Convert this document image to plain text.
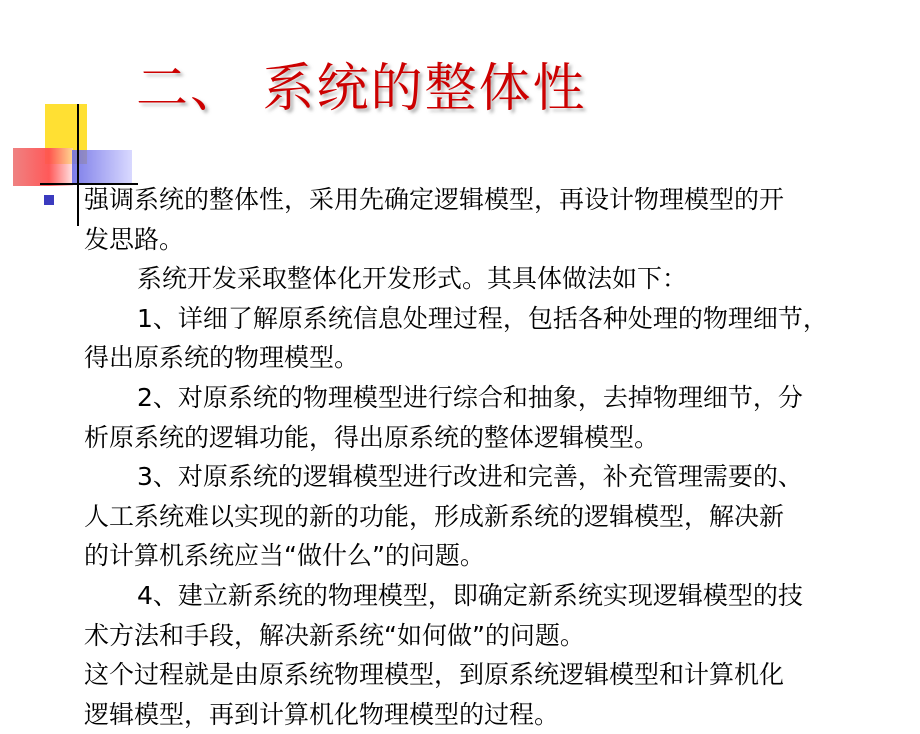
二、 系统的整体性

强调系统的整体性，采用先确定逻辑模型，再设计物理模型的开

发思路。

系统开发采取整体化开发形式。其具体做法如下：

1、详细了解原系统信息处理过程，包括各种处理的物理细节，

得出原系统的物理模型。

2、对原系统的物理模型进行综合和抽象，去掉物理细节，分

析原系统的逻辑功能，得出原系统的整体逻辑模型。

3、对原系统的逻辑模型进行改进和完善，补充管理需要的、

人工系统难以实现的新的功能，形成新系统的逻辑模型，解决新

的计算机系统应当“做什么”的问题。

4、建立新系统的物理模型，即确定新系统实现逻辑模型的技

术方法和手段，解决新系统“如何做”的问题。

这个过程就是由原系统物理模型，到原系统逻辑模型和计算机化

逻辑模型，再到计算机化物理模型的过程。
